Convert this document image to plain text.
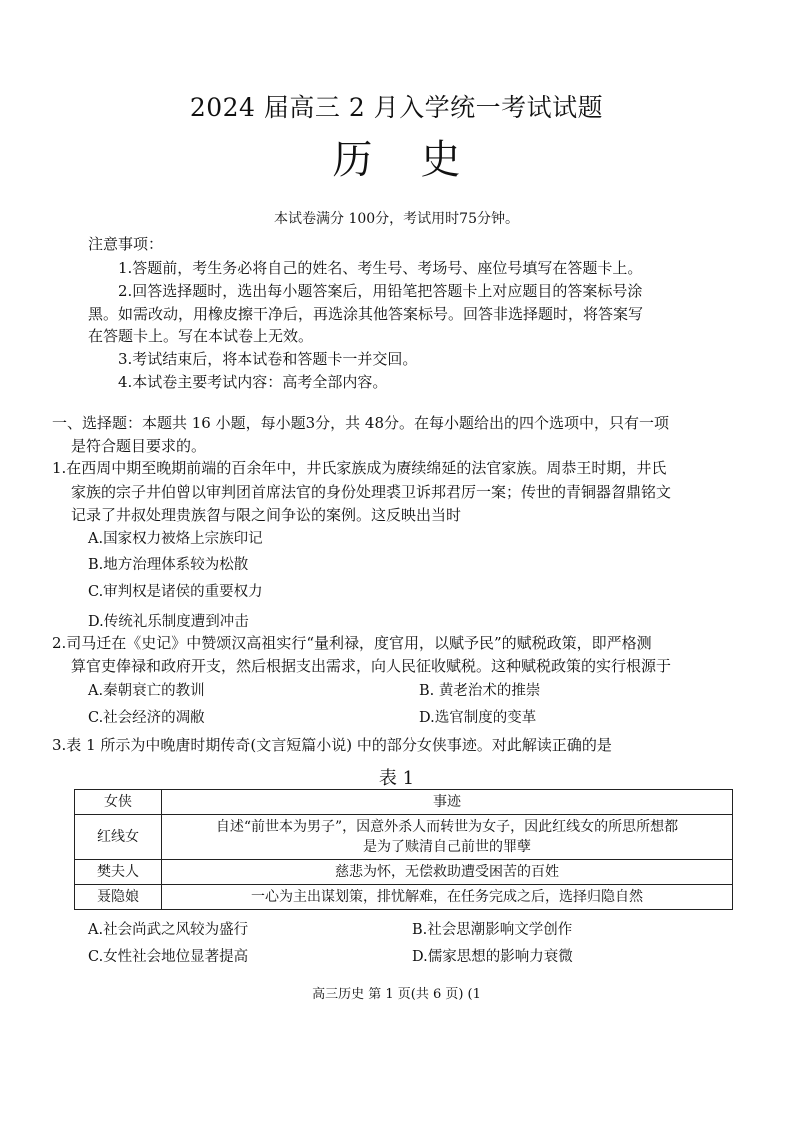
2024 届高三 2 月入学统一考试试题
历史
本试卷满分 100分，考试用时75分钟。
注意事项：
1.答题前，考生务必将自己的姓名、考生号、考场号、座位号填写在答题卡上。
2.回答选择题时，选出每小题答案后，用铅笔把答题卡上对应题目的答案标号涂
黑。如需改动，用橡皮擦干净后，再选涂其他答案标号。回答非选择题时，将答案写
在答题卡上。写在本试卷上无效。
3.考试结束后，将本试卷和答题卡一并交回。
4.本试卷主要考试内容：高考全部内容。
一、选择题：本题共 16 小题，每小题3分，共 48分。在每小题给出的四个选项中，只有一项
是符合题目要求的。
1.在西周中期至晚期前端的百余年中，井氏家族成为赓续绵延的法官家族。周恭王时期，井氏
家族的宗子井伯曾以审判团首席法官的身份处理裘卫诉邦君厉一案；传世的青铜器曶鼎铭文
记录了井叔处理贵族曶与限之间争讼的案例。这反映出当时
A.国家权力被烙上宗族印记
B.地方治理体系较为松散
C.审判权是诸侯的重要权力
D.传统礼乐制度遭到冲击
2.司马迁在《史记》中赞颂汉高祖实行“量利禄，度官用，以赋予民”的赋税政策，即严格测
算官吏俸禄和政府开支，然后根据支出需求，向人民征收赋税。这种赋税政策的实行根源于
A.秦朝衰亡的教训	B. 黄老治术的推崇
C.社会经济的凋敝	D.选官制度的变革
3.表 1 所示为中晚唐时期传奇(文言短篇小说) 中的部分女侠事迹。对此解读正确的是
表 1
女侠	事迹
红线女	自述“前世本为男子”，因意外杀人而转世为女子，因此红线女的所思所想都
是为了赎清自己前世的罪孽

樊夫人	慈悲为怀，无偿救助遭受困苦的百姓
聂隐娘	一心为主出谋划策，排忧解难，在任务完成之后，选择归隐自然
A.社会尚武之风较为盛行	B.社会思潮影响文学创作
C.女性社会地位显著提高	D.儒家思想的影响力衰微
高三历史 第 1 页(共 6 页) (1
